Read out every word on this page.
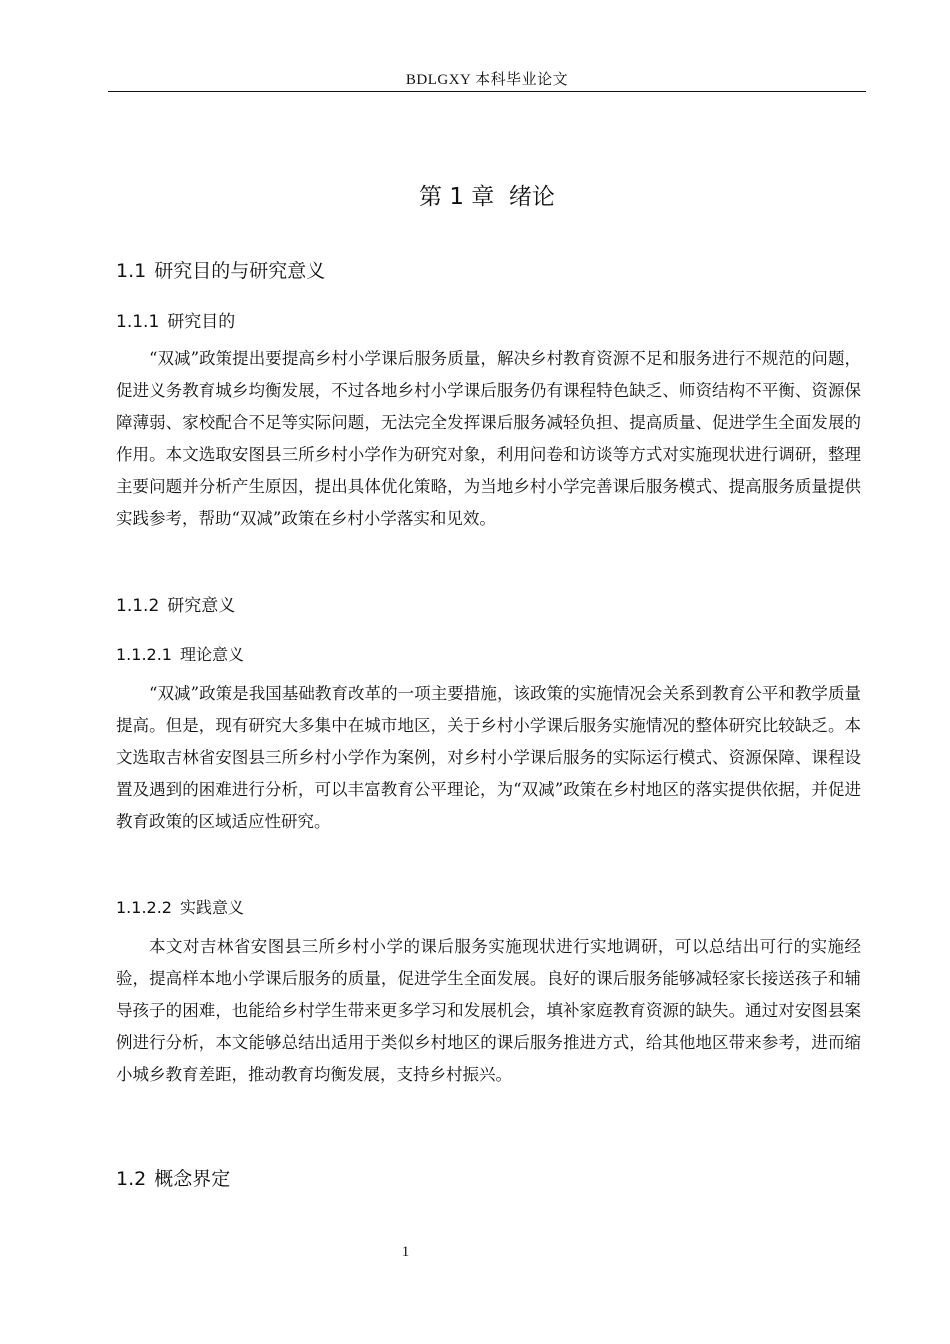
BDLGXY 本科毕业论文
第 1 章  绪论
1.1 研究目的与研究意义
1.1.1 研究目的

“双减”政策提出要提高乡村小学课后服务质量，解决乡村教育资源不足和服务进行不规范的问题，促进义务教育城乡均衡发展，不过各地乡村小学课后服务仍有课程特色缺乏、师资结构不平衡、资源保障薄弱、家校配合不足等实际问题，无法完全发挥课后服务减轻负担、提高质量、促进学生全面发展的作用。本文选取安图县三所乡村小学作为研究对象，利用问卷和访谈等方式对实施现状进行调研，整理主要问题并分析产生原因，提出具体优化策略，为当地乡村小学完善课后服务模式、提高服务质量提供实践参考，帮助“双减”政策在乡村小学落实和见效。

1.1.2 研究意义
1.1.2.1 理论意义

“双减”政策是我国基础教育改革的一项主要措施，该政策的实施情况会关系到教育公平和教学质量提高。但是，现有研究大多集中在城市地区，关于乡村小学课后服务实施情况的整体研究比较缺乏。本文选取吉林省安图县三所乡村小学作为案例，对乡村小学课后服务的实际运行模式、资源保障、课程设置及遇到的困难进行分析，可以丰富教育公平理论，为“双减”政策在乡村地区的落实提供依据，并促进教育政策的区域适应性研究。

1.1.2.2 实践意义

本文对吉林省安图县三所乡村小学的课后服务实施现状进行实地调研，可以总结出可行的实施经验，提高样本地小学课后服务的质量，促进学生全面发展。良好的课后服务能够减轻家长接送孩子和辅导孩子的困难，也能给乡村学生带来更多学习和发展机会，填补家庭教育资源的缺失。通过对安图县案例进行分析，本文能够总结出适用于类似乡村地区的课后服务推进方式，给其他地区带来参考，进而缩小城乡教育差距，推动教育均衡发展，支持乡村振兴。

1.2 概念界定
1
